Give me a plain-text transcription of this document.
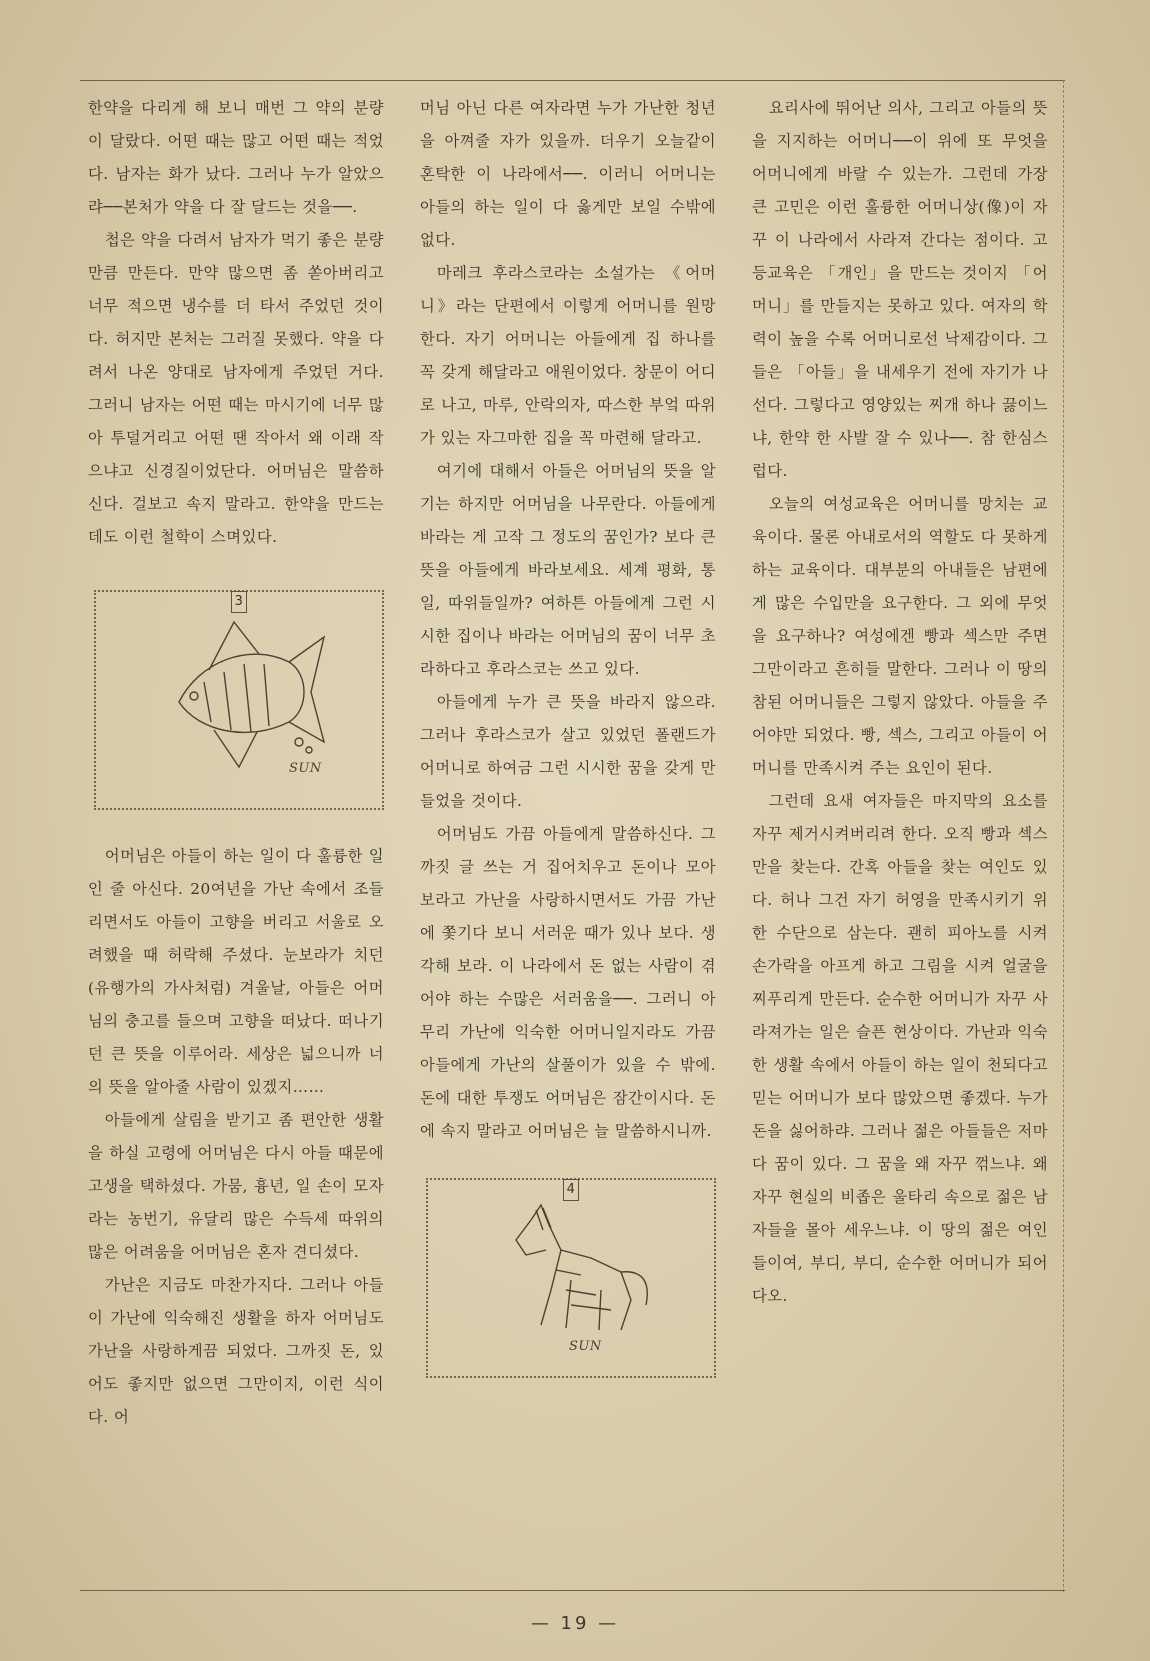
한약을 다리게 해 보니 매번 그 약의 분량이 달랐다. 어떤 때는 많고 어떤 때는 적었다. 남자는 화가 났다. 그러나 누가 알았으랴──본처가 약을 다 잘 달드는 것을──.

첩은 약을 다려서 남자가 먹기 좋은 분량만큼 만든다. 만약 많으면 좀 쏟아버리고 너무 적으면 냉수를 더 타서 주었던 것이다. 허지만 본처는 그러질 못했다. 약을 다려서 나온 양대로 남자에게 주었던 거다. 그러니 남자는 어떤 때는 마시기에 너무 많아 투덜거리고 어떤 땐 작아서 왜 이래 작으냐고 신경질이었단다. 어머님은 말씀하신다. 걸보고 속지 말라고. 한약을 만드는데도 이런 철학이 스며있다.

3
SUN

어머님은 아들이 하는 일이 다 훌륭한 일인 줄 아신다. 20여년을 가난 속에서 조들리면서도 아들이 고향을 버리고 서울로 오려했을 때 허락해 주셨다. 눈보라가 치던(유행가의 가사처럼) 겨울날, 아들은 어머님의 충고를 들으며 고향을 떠났다. 떠나기던 큰 뜻을 이루어라. 세상은 넓으니까 너의 뜻을 알아줄 사람이 있겠지……

아들에게 살림을 받기고 좀 편안한 생활을 하실 고령에 어머님은 다시 아들 때문에 고생을 택하셨다. 가뭄, 흉년, 일 손이 모자라는 농번기, 유달리 많은 수득세 따위의 많은 어려움을 어머님은 혼자 견디셨다.

가난은 지금도 마찬가지다. 그러나 아들이 가난에 익숙해진 생활을 하자 어머님도 가난을 사랑하게끔 되었다. 그까짓 돈, 있어도 좋지만 없으면 그만이지, 이런 식이다. 어

머님 아닌 다른 여자라면 누가 가난한 청년을 아껴줄 자가 있을까. 더우기 오늘같이 혼탁한 이 나라에서──. 이러니 어머니는 아들의 하는 일이 다 옳게만 보일 수밖에 없다.

마레크 후라스코라는 소설가는 《어머니》라는 단편에서 이렇게 어머니를 원망한다. 자기 어머니는 아들에게 집 하나를 꼭 갖게 해달라고 애원이었다. 창문이 어디로 나고, 마루, 안락의자, 따스한 부엌 따위가 있는 자그마한 집을 꼭 마련해 달라고.

여기에 대해서 아들은 어머님의 뜻을 알기는 하지만 어머님을 나무란다. 아들에게 바라는 게 고작 그 정도의 꿈인가? 보다 큰 뜻을 아들에게 바라보세요. 세계 평화, 통일, 따위들일까? 여하튼 아들에게 그런 시시한 집이나 바라는 어머님의 꿈이 너무 초라하다고 후라스코는 쓰고 있다.

아들에게 누가 큰 뜻을 바라지 않으랴. 그러나 후라스코가 살고 있었던 폴랜드가 어머니로 하여금 그런 시시한 꿈을 갖게 만들었을 것이다.

어머님도 가끔 아들에게 말씀하신다. 그까짓 글 쓰는 거 집어치우고 돈이나 모아 보라고 가난을 사랑하시면서도 가끔 가난에 쫓기다 보니 서러운 때가 있나 보다. 생각해 보라. 이 나라에서 돈 없는 사람이 겪어야 하는 수많은 서러움을──. 그러니 아무리 가난에 익숙한 어머니일지라도 가끔 아들에게 가난의 살풀이가 있을 수 밖에. 돈에 대한 투쟁도 어머님은 잠간이시다. 돈에 속지 말라고 어머님은 늘 말씀하시니까.

4
SUN

요리사에 뛰어난 의사, 그리고 아들의 뜻을 지지하는 어머니──이 위에 또 무엇을 어머니에게 바랄 수 있는가. 그런데 가장 큰 고민은 이런 훌륭한 어머니상(像)이 자꾸 이 나라에서 사라져 간다는 점이다. 고등교육은 「개인」을 만드는 것이지 「어머니」를 만들지는 못하고 있다. 여자의 학력이 높을 수록 어머니로선 낙제감이다. 그들은 「아들」을 내세우기 전에 자기가 나선다. 그렇다고 영양있는 찌개 하나 끓이느냐, 한약 한 사발 잘 수 있나──. 참 한심스럽다.

오늘의 여성교육은 어머니를 망치는 교육이다. 물론 아내로서의 역할도 다 못하게 하는 교육이다. 대부분의 아내들은 남편에게 많은 수입만을 요구한다. 그 외에 무엇을 요구하나? 여성에겐 빵과 섹스만 주면 그만이라고 흔히들 말한다. 그러나 이 땅의 참된 어머니들은 그렇지 않았다. 아들을 주어야만 되었다. 빵, 섹스, 그리고 아들이 어머니를 만족시켜 주는 요인이 된다.

그런데 요새 여자들은 마지막의 요소를 자꾸 제거시켜버리려 한다. 오직 빵과 섹스만을 찾는다. 간혹 아들을 찾는 여인도 있다. 허나 그건 자기 허영을 만족시키기 위한 수단으로 삼는다. 괜히 피아노를 시켜 손가락을 아프게 하고 그림을 시켜 얼굴을 찌푸리게 만든다. 순수한 어머니가 자꾸 사라져가는 일은 슬픈 현상이다. 가난과 익숙한 생활 속에서 아들이 하는 일이 천되다고 믿는 어머니가 보다 많았으면 좋겠다. 누가 돈을 싫어하랴. 그러나 젊은 아들들은 저마다 꿈이 있다. 그 꿈을 왜 자꾸 꺾느냐. 왜 자꾸 현실의 비좁은 울타리 속으로 젊은 남자들을 몰아 세우느냐. 이 땅의 젊은 여인들이여, 부디, 부디, 순수한 어머니가 되어다오.

— 19 —
